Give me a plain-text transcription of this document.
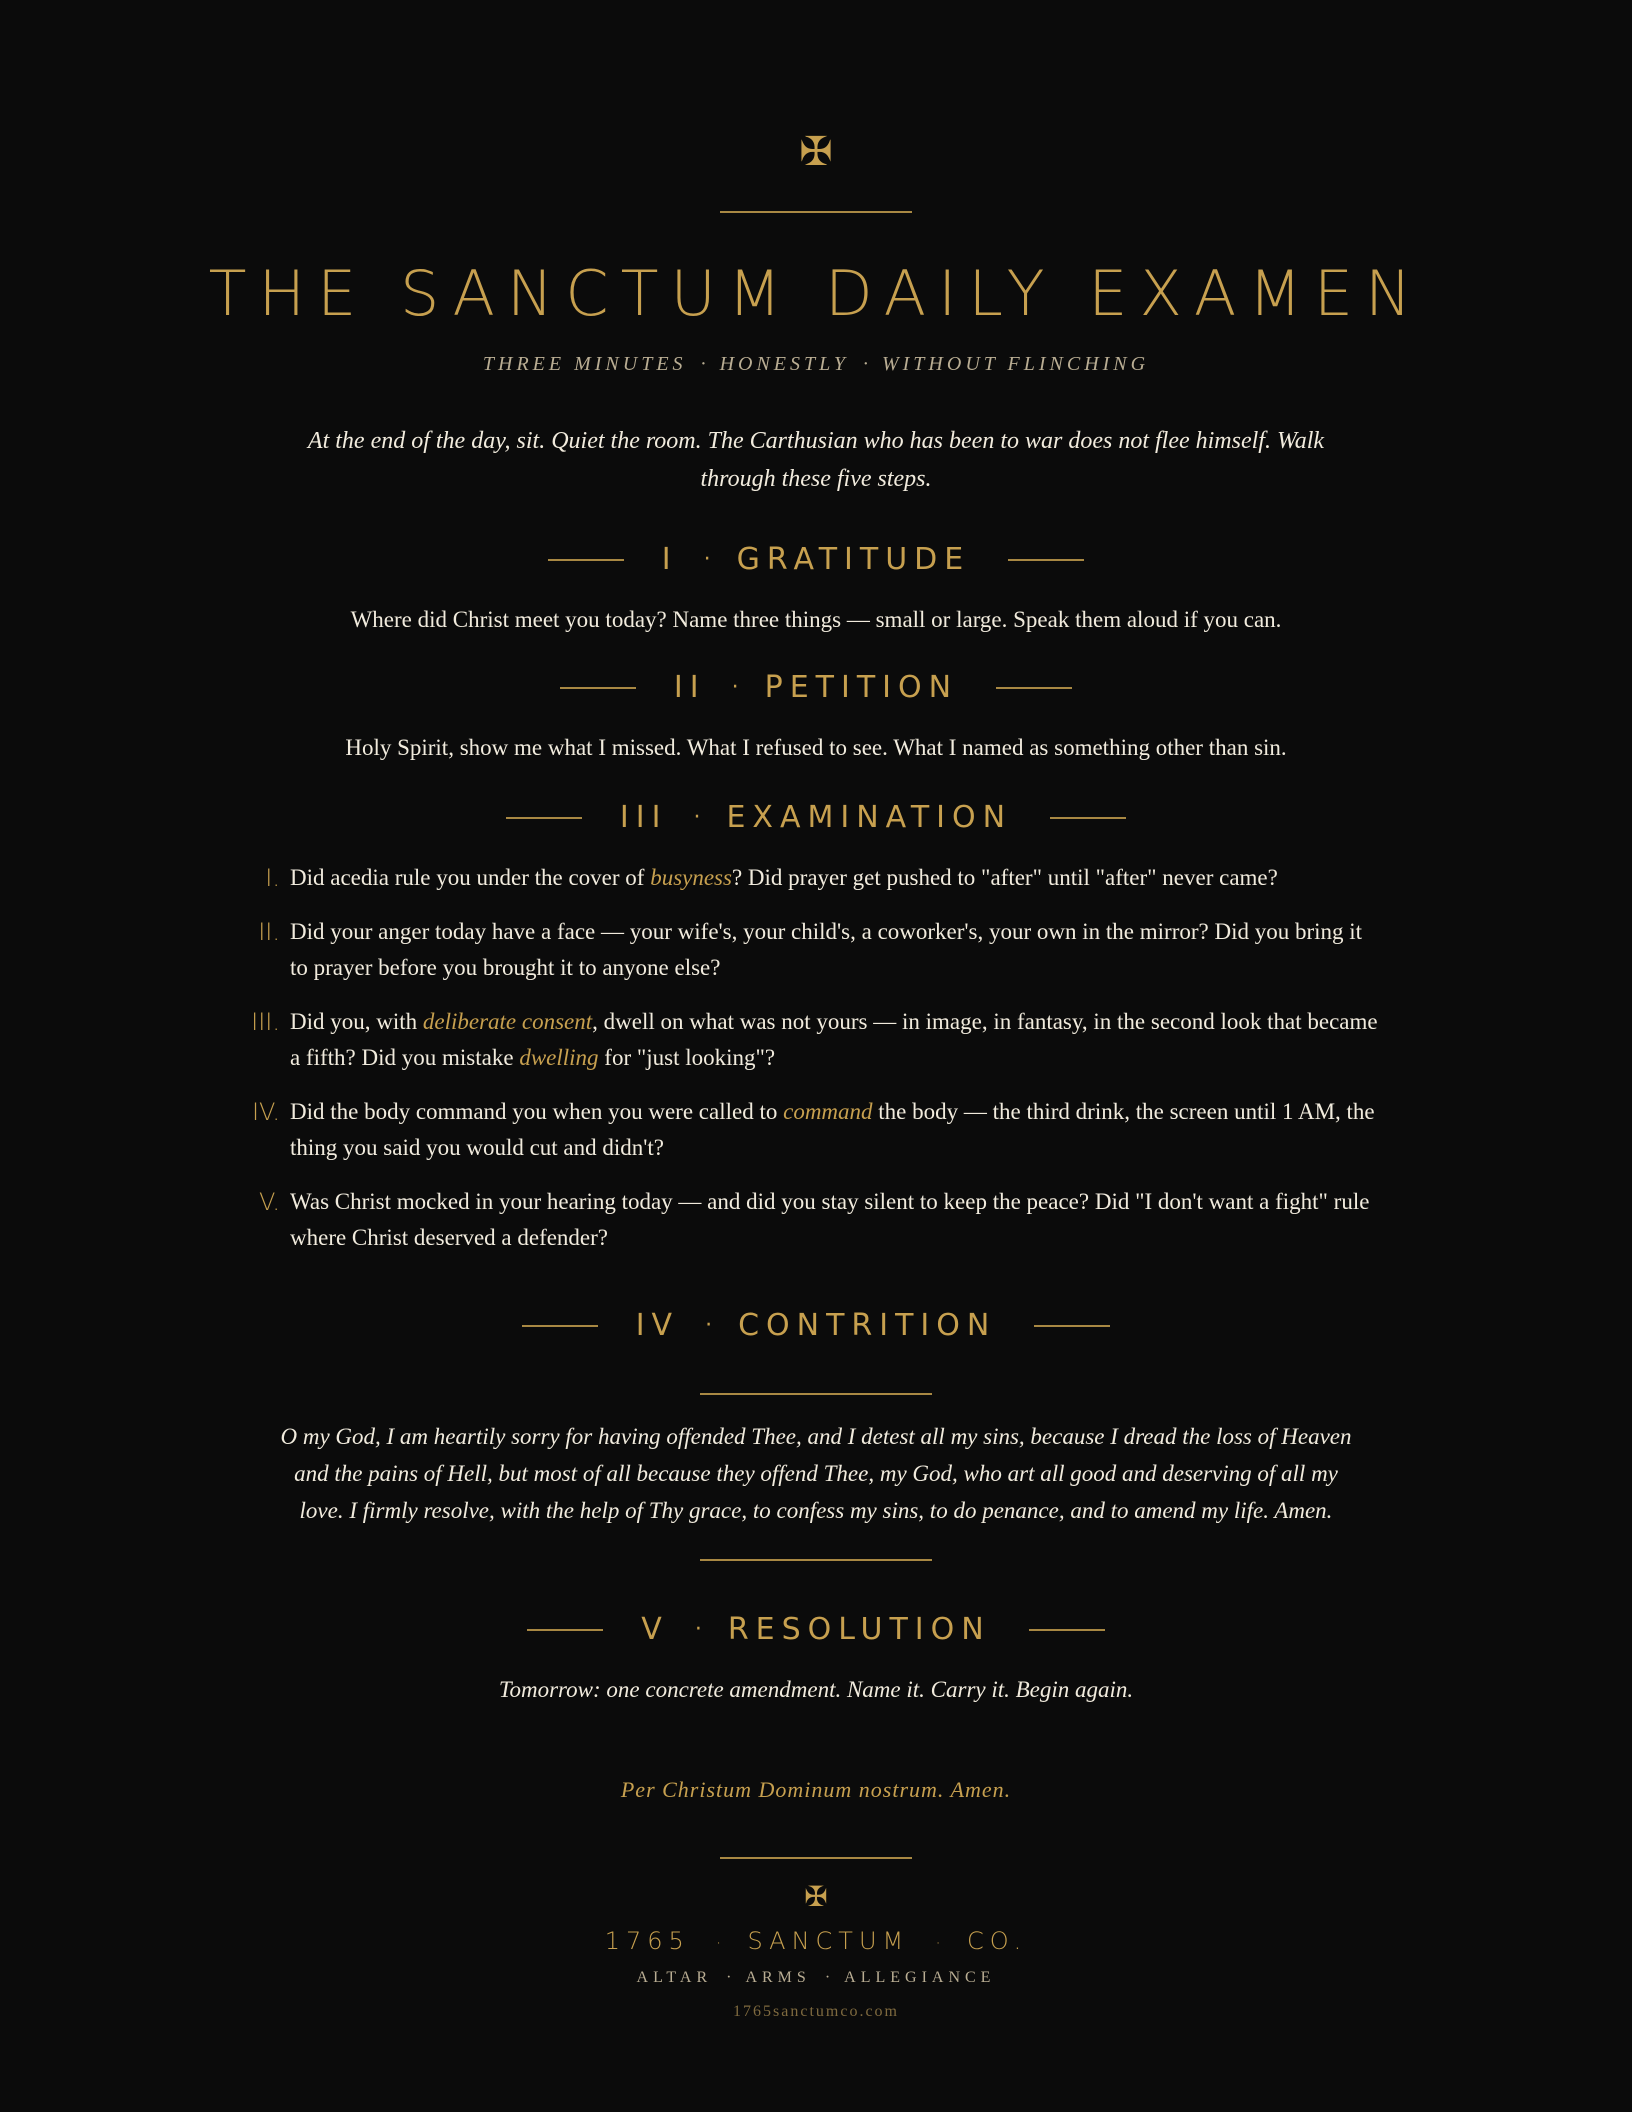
✠
THE SANCTUM DAILY EXAMEN
THREE MINUTES · HONESTLY · WITHOUT FLINCHING
At the end of the day, sit. Quiet the room. The Carthusian who has been to war does not flee himself. Walk through these five steps.
I · GRATITUDE
Where did Christ meet you today? Name three things — small or large. Speak them aloud if you can.
II · PETITION
Holy Spirit, show me what I missed. What I refused to see. What I named as something other than sin.
III · EXAMINATION
I. Did acedia rule you under the cover of busyness? Did prayer get pushed to "after" until "after" never came?
II. Did your anger today have a face — your wife's, your child's, a coworker's, your own in the mirror? Did you bring it to prayer before you brought it to anyone else?
III. Did you, with deliberate consent, dwell on what was not yours — in image, in fantasy, in the second look that became a fifth? Did you mistake dwelling for "just looking"?
IV. Did the body command you when you were called to command the body — the third drink, the screen until 1 AM, the thing you said you would cut and didn't?
V. Was Christ mocked in your hearing today — and did you stay silent to keep the peace? Did "I don't want a fight" rule where Christ deserved a defender?
IV · CONTRITION
O my God, I am heartily sorry for having offended Thee, and I detest all my sins, because I dread the loss of Heaven and the pains of Hell, but most of all because they offend Thee, my God, who art all good and deserving of all my love. I firmly resolve, with the help of Thy grace, to confess my sins, to do penance, and to amend my life. Amen.
V · RESOLUTION
Tomorrow: one concrete amendment. Name it. Carry it. Begin again.
Per Christum Dominum nostrum. Amen.
✠
1765 · SANCTUM · CO.
ALTAR · ARMS · ALLEGIANCE
1765sanctumco.com
